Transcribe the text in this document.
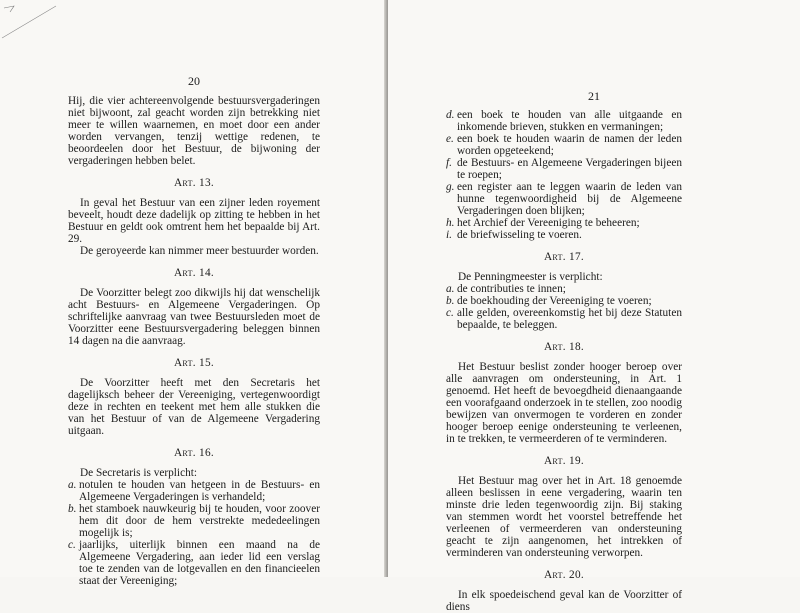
20

Hij, die vier achtereenvolgende bestuursvergaderingen niet bijwoont, zal geacht worden zijn betrekking niet meer te willen waarnemen, en moet door een ander worden vervangen, tenzij wettige redenen, te beoordeelen door het Bestuur, de bijwoning der vergaderingen hebben belet.

Art. 13.

In geval het Bestuur van een zijner leden royement beveelt, houdt deze dadelijk op zitting te hebben in het Bestuur en geldt ook omtrent hem het bepaalde bij Art. 29.

De geroyeerde kan nimmer meer bestuurder worden.

Art. 14.

De Voorzitter belegt zoo dikwijls hij dat wenschelijk acht Bestuurs- en Algemeene Vergaderingen. Op schriftelijke aanvraag van twee Bestuursleden moet de Voorzitter eene Bestuursvergadering beleggen binnen 14 dagen na die aanvraag.

Art. 15.

De Voorzitter heeft met den Secretaris het dagelijksch beheer der Vereeniging, vertegenwoordigt deze in rechten en teekent met hem alle stukken die van het Bestuur of van de Algemeene Vergadering uitgaan.

Art. 16.

De Secretaris is verplicht:

a. notulen te houden van hetgeen in de Bestuurs- en Algemeene Vergaderingen is verhandeld;
b. het stamboek nauwkeurig bij te houden, voor zoover hem dit door de hem verstrekte mededeelingen mogelijk is;
c. jaarlijks, uiterlijk binnen een maand na de Algemeene Vergadering, aan ieder lid een verslag toe te zenden van de lotgevallen en den financieelen staat der Vereeniging;
21
d. een boek te houden van alle uitgaande en inkomende brieven, stukken en vermaningen;
e. een boek te houden waarin de namen der leden worden opgeteekend;
f. de Bestuurs- en Algemeene Vergaderingen bijeen te roepen;
g. een register aan te leggen waarin de leden van hunne tegenwoordigheid bij de Algemeene Vergaderingen doen blijken;
h. het Archief der Vereeniging te beheeren;
i. de briefwisseling te voeren.
Art. 17.

De Penningmeester is verplicht:

a. de contributies te innen;
b. de boekhouding der Vereeniging te voeren;
c. alle gelden, overeenkomstig het bij deze Statuten bepaalde, te beleggen.
Art. 18.

Het Bestuur beslist zonder hooger beroep over alle aanvragen om ondersteuning, in Art. 1 genoemd. Het heeft de bevoegdheid dienaangaande een voorafgaand onderzoek in te stellen, zoo noodig bewijzen van onvermogen te vorderen en zonder hooger beroep eenige ondersteuning te verleenen, in te trekken, te vermeerderen of te verminderen.

Art. 19.

Het Bestuur mag over het in Art. 18 genoemde alleen beslissen in eene vergadering, waarin ten minste drie leden tegenwoordig zijn. Bij staking van stemmen wordt het voorstel betreffende het verleenen of vermeerderen van ondersteuning geacht te zijn aangenomen, het intrekken of verminderen van ondersteuning verworpen.

Art. 20.

In elk spoedeischend geval kan de Voorzitter of diens
